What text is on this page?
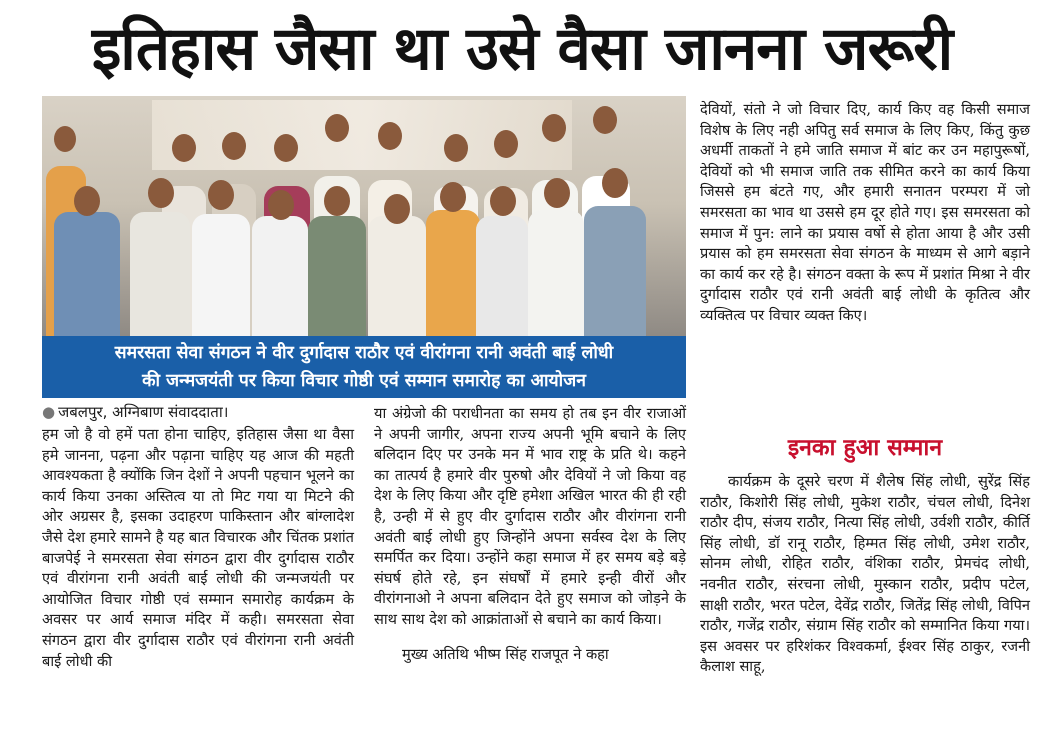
इतिहास जैसा था उसे वैसा जानना जरूरी
समरसता सेवा संगठन ने वीर दुर्गादास राठौर एवं वीरांगना रानी अवंती बाई लोधी
की जन्मजयंती पर किया विचार गोष्ठी एवं सम्मान समारोह का आयोजन
● जबलपुर, अग्निबाण संवाददाता।

हम जो है वो हमें पता होना चाहिए, इतिहास जैसा था वैसा हमे जानना, पढ़ना और पढ़ाना चाहिए यह आज की महती आवश्यकता है क्योंकि जिन देशों ने अपनी पहचान भूलने का कार्य किया उनका अस्तित्व या तो मिट गया या मिटने की ओर अग्रसर है, इसका उदाहरण पाकिस्तान और बांग्लादेश जैसे देश हमारे सामने है यह बात विचारक और चिंतक प्रशांत बाजपेई ने समरसता सेवा संगठन द्वारा वीर दुर्गादास राठौर एवं वीरांगना रानी अवंती बाई लोधी की जन्मजयंती पर आयोजित विचार गोष्ठी एवं सम्मान समारोह कार्यक्रम के अवसर पर आर्य समाज मंदिर में कही। समरसता सेवा संगठन द्वारा वीर दुर्गादास राठौर एवं वीरांगना रानी अवंती बाई लोधी की

या अंग्रेजो की पराधीनता का समय हो तब इन वीर राजाओं ने अपनी जागीर, अपना राज्य अपनी भूमि बचाने के लिए बलिदान दिए पर उनके मन में भाव राष्ट्र के प्रति थे। कहने का तात्पर्य है हमारे वीर पुरुषो और देवियों ने जो किया वह देश के लिए किया और दृष्टि हमेशा अखिल भारत की ही रही है, उन्ही में से हुए वीर दुर्गादास राठौर और वीरांगना रानी अवंती बाई लोधी हुए जिन्होंने अपना सर्वस्व देश के लिए समर्पित कर दिया। उन्होंने कहा समाज में हर समय बड़े बड़े संघर्ष होते रहे, इन संघर्षों में हमारे इन्ही वीरों और वीरांगनाओ ने अपना बलिदान देते हुए समाज को जोड़ने के साथ साथ देश को आक्रांताओं से बचाने का कार्य किया।

मुख्य अतिथि भीष्म सिंह राजपूत ने कहा

देवियों, संतो ने जो विचार दिए, कार्य किए वह किसी समाज विशेष के लिए नही अपितु सर्व समाज के लिए किए, किंतु कुछ अधर्मी ताकतों ने हमे जाति समाज में बांट कर उन महापुरूषों, देवियों को भी समाज जाति तक सीमित करने का कार्य किया जिससे हम बंटते गए, और हमारी सनातन परम्परा में जो समरसता का भाव था उससे हम दूर होते गए। इस समरसता को समाज में पुन: लाने का प्रयास वर्षो से होता आया है और उसी प्रयास को हम समरसता सेवा संगठन के माध्यम से आगे बड़ाने का कार्य कर रहे है। संगठन वक्ता के रूप में प्रशांत मिश्रा ने वीर दुर्गादास राठौर एवं रानी अवंती बाई लोधी के कृतित्व और व्यक्तित्व पर विचार व्यक्त किए।

इनका हुआ सम्मान

कार्यक्रम के दूसरे चरण में शैलेष सिंह लोधी, सुरेंद्र सिंह राठौर, किशोरी सिंह लोधी, मुकेश राठौर, चंचल लोधी, दिनेश राठौर दीप, संजय राठौर, नित्या सिंह लोधी, उर्वशी राठौर, कीर्ति सिंह लोधी, डॉ रानू राठौर, हिम्मत सिंह लोधी, उमेश राठौर, सोनम लोधी, रोहित राठौर, वंशिका राठौर, प्रेमचंद लोधी, नवनीत राठौर, संरचना लोधी, मुस्कान राठौर, प्रदीप पटेल, साक्षी राठौर, भरत पटेल, देवेंद्र राठौर, जितेंद्र सिंह लोधी, विपिन राठौर, गजेंद्र राठौर, संग्राम सिंह राठौर को सम्मानित किया गया। इस अवसर पर हरिशंकर विश्वकर्मा, ईश्वर सिंह ठाकुर, रजनी कैलाश साहू,
